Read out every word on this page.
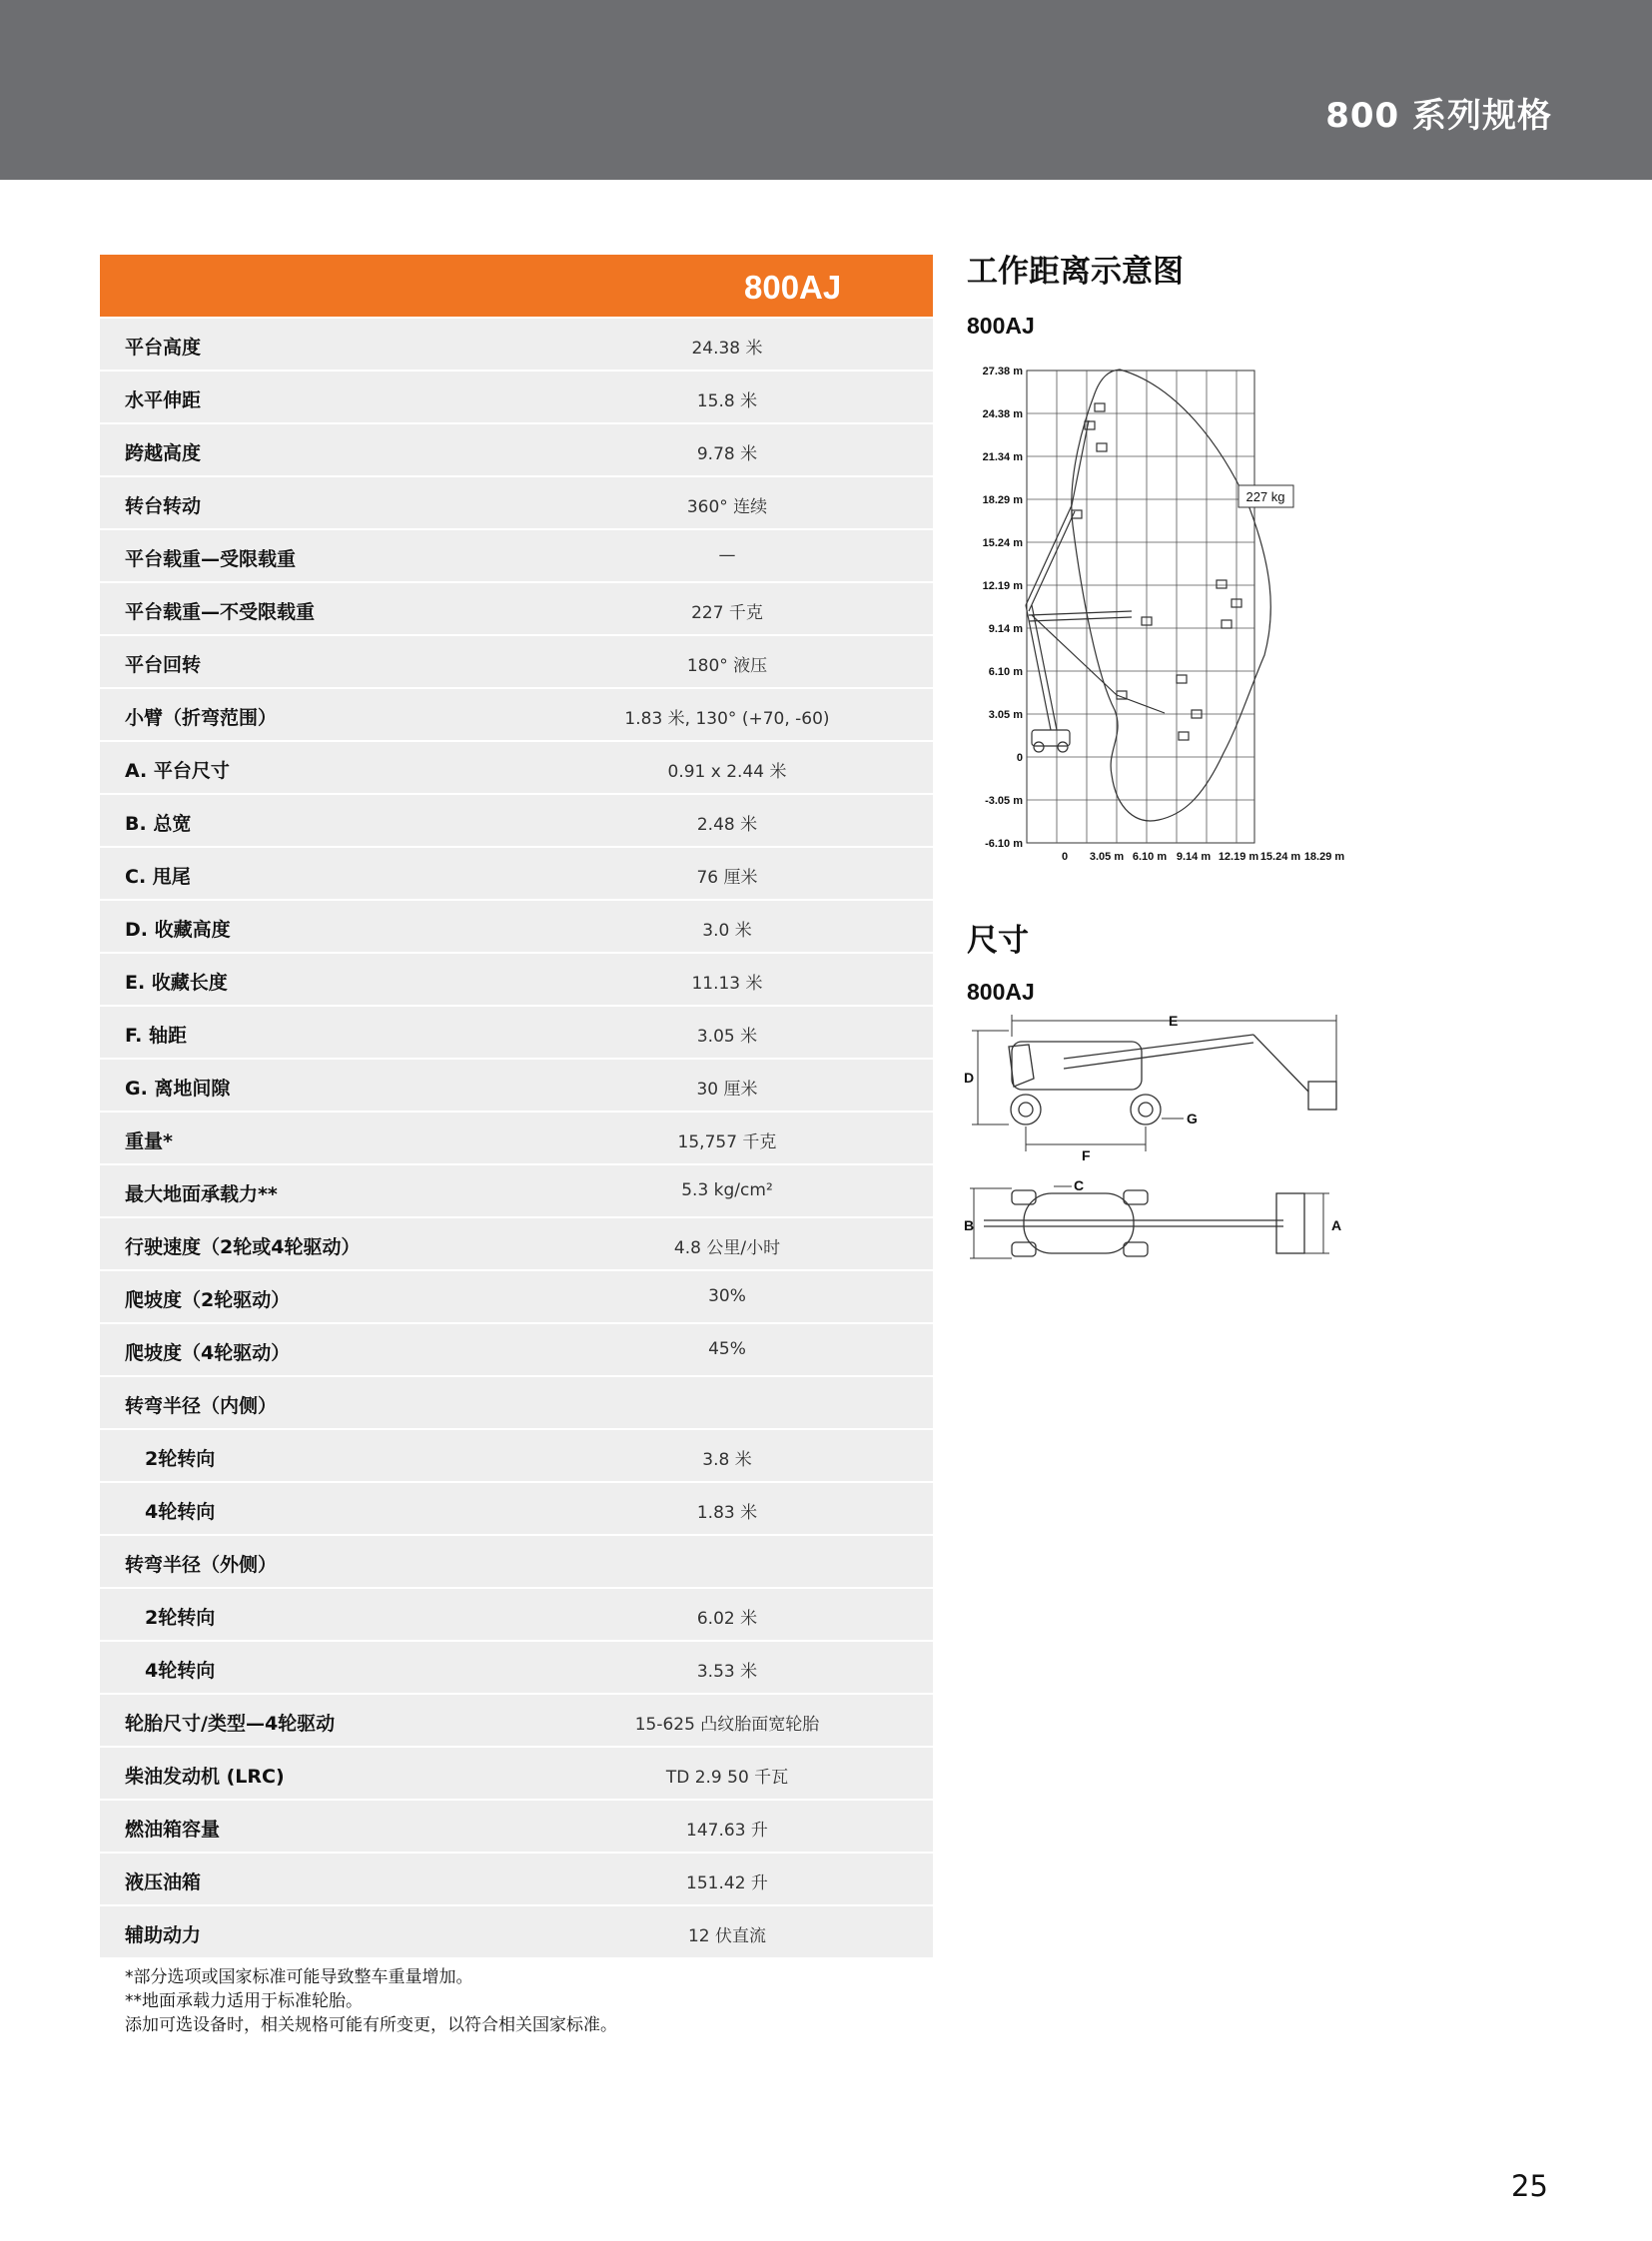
800 系列规格
800AJ
平台高度	24.38 米
水平伸距	15.8 米
跨越高度	9.78 米
转台转动	360° 连续
平台载重—受限载重	—
平台载重—不受限载重	227 千克
平台回转	180° 液压
小臂（折弯范围）	1.83 米, 130° (+70, -60)
A. 平台尺寸	0.91 x 2.44 米
B. 总宽	2.48 米
C. 甩尾	76 厘米
D. 收藏高度	3.0 米
E. 收藏长度	11.13 米
F. 轴距	3.05 米
G. 离地间隙	30 厘米
重量*	15,757 千克
最大地面承载力**	5.3 kg/cm²
行驶速度（2轮或4轮驱动）	4.8 公里/小时
爬坡度（2轮驱动）	30%
爬坡度（4轮驱动）	45%
转弯半径（内侧）
2轮转向	3.8 米
4轮转向	1.83 米
转弯半径（外侧）
2轮转向	6.02 米
4轮转向	3.53 米
轮胎尺寸/类型—4轮驱动	15-625 凸纹胎面宽轮胎
柴油发动机 (LRC)	TD 2.9 50 千瓦
燃油箱容量	147.63 升
液压油箱	151.42 升
辅助动力	12 伏直流
*部分选项或国家标准可能导致整车重量增加。
**地面承载力适用于标准轮胎。
添加可选设备时，相关规格可能有所变更，以符合相关国家标准。
工作距离示意图
800AJ
27.38 m
24.38 m
21.34 m
18.29 m
15.24 m
12.19 m
9.14 m
6.10 m
3.05 m
0
-3.05 m
-6.10 m
0 3.05 m 6.10 m 9.14 m 12.19 m 15.24 m 18.29 m
227 kg
尺寸
800AJ
D
E
F
G
B
C
A
25
